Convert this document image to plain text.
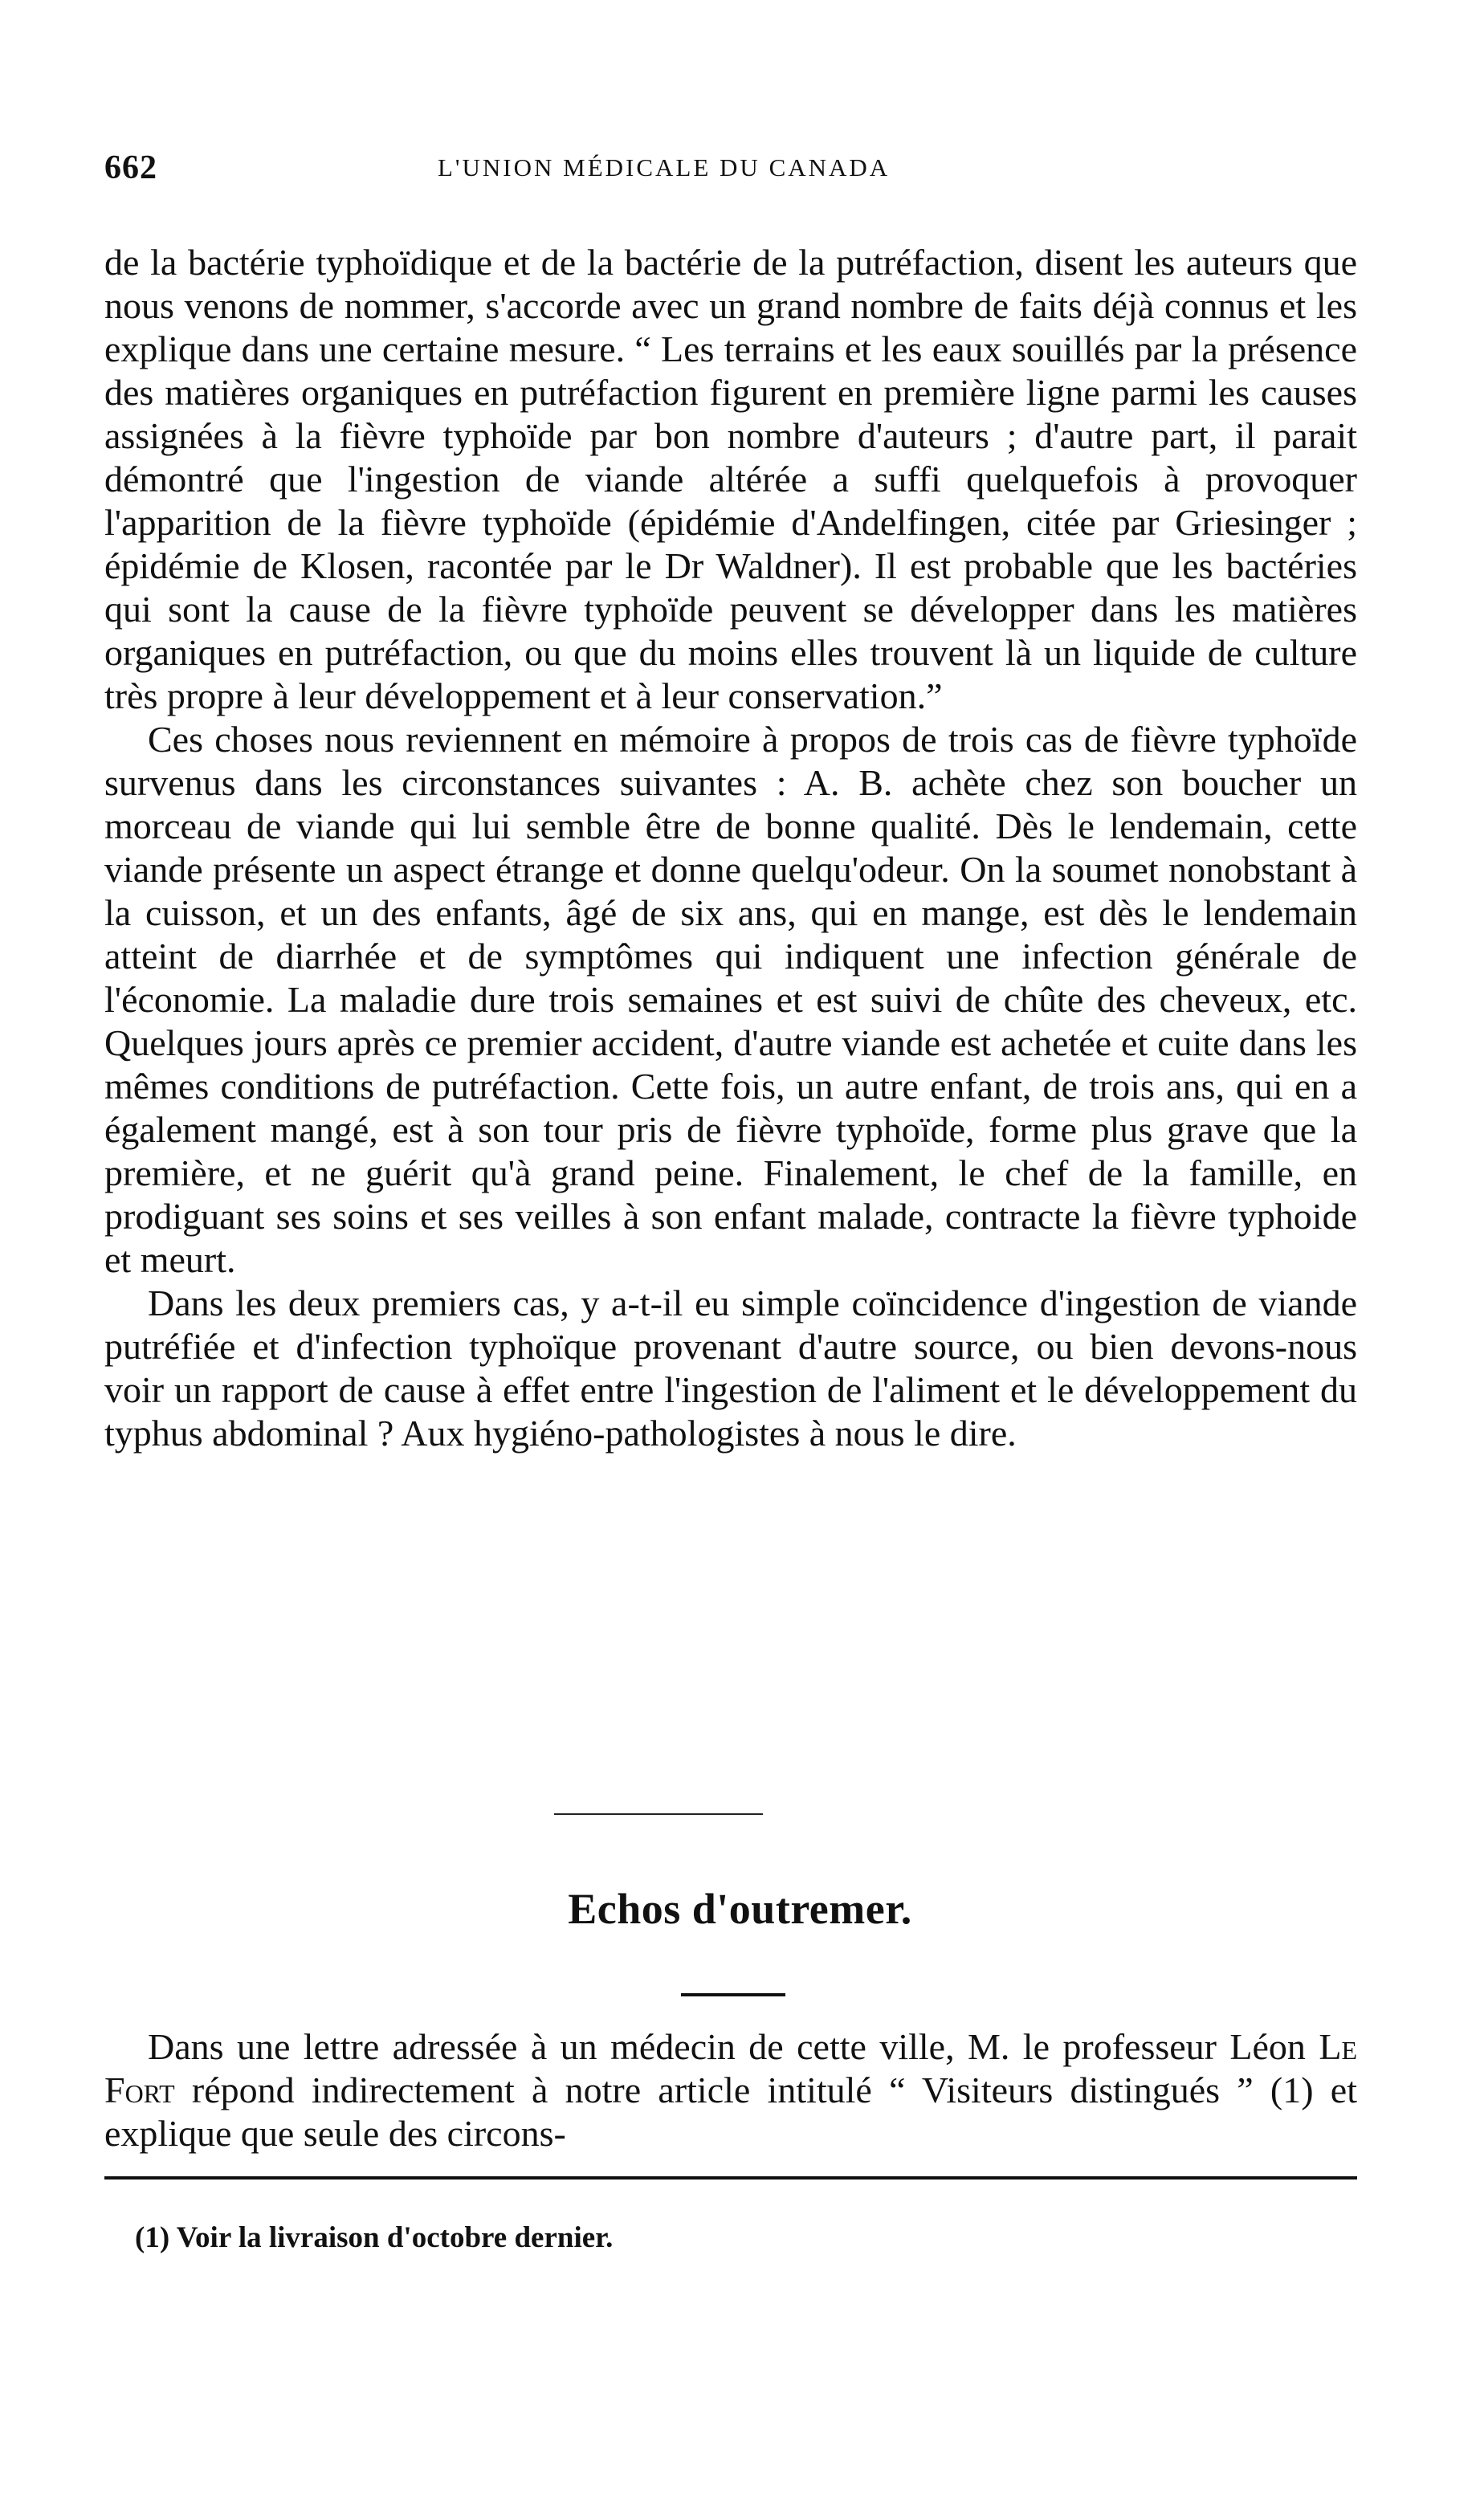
662	L'UNION MÉDICALE DU CANADA

de la bactérie typhoïdique et de la bactérie de la putréfaction, disent les auteurs que nous venons de nommer, s'accorde avec un grand nombre de faits déjà connus et les explique dans une certaine mesure. “ Les terrains et les eaux souillés par la présence des matières organiques en putréfaction figurent en première ligne parmi les causes assignées à la fièvre typhoïde par bon nombre d'auteurs ; d'autre part, il parait démontré que l'ingestion de viande altérée a suffi quelquefois à provoquer l'apparition de la fièvre typhoïde (épidémie d'Andelfingen, citée par Griesinger ; épidémie de Klosen, racontée par le Dr Waldner). Il est probable que les bactéries qui sont la cause de la fièvre typhoïde peuvent se développer dans les matières organiques en putréfaction, ou que du moins elles trouvent là un liquide de culture très propre à leur développement et à leur conservation.”

Ces choses nous reviennent en mémoire à propos de trois cas de fièvre typhoïde survenus dans les circonstances suivantes : A. B. achète chez son boucher un morceau de viande qui lui semble être de bonne qualité. Dès le lendemain, cette viande présente un aspect étrange et donne quelqu'odeur. On la soumet nonobstant à la cuisson, et un des enfants, âgé de six ans, qui en mange, est dès le lendemain atteint de diarrhée et de symptômes qui indiquent une infection générale de l'économie. La maladie dure trois semaines et est suivi de chûte des cheveux, etc. Quelques jours après ce premier accident, d'autre viande est achetée et cuite dans les mêmes conditions de putréfaction. Cette fois, un autre enfant, de trois ans, qui en a également mangé, est à son tour pris de fièvre typhoïde, forme plus grave que la première, et ne guérit qu'à grand peine. Finalement, le chef de la famille, en prodiguant ses soins et ses veilles à son enfant malade, contracte la fièvre typhoide et meurt.

Dans les deux premiers cas, y a-t-il eu simple coïncidence d'ingestion de viande putréfiée et d'infection typhoïque provenant d'autre source, ou bien devons-nous voir un rapport de cause à effet entre l'ingestion de l'aliment et le développement du typhus abdominal ? Aux hygiéno-pathologistes à nous le dire.

Echos d'outremer.

Dans une lettre adressée à un médecin de cette ville, M. le professeur Léon Le Fort répond indirectement à notre article intitulé “ Visiteurs distingués ” (1) et explique que seule des circons-

(1) Voir la livraison d'octobre dernier.
